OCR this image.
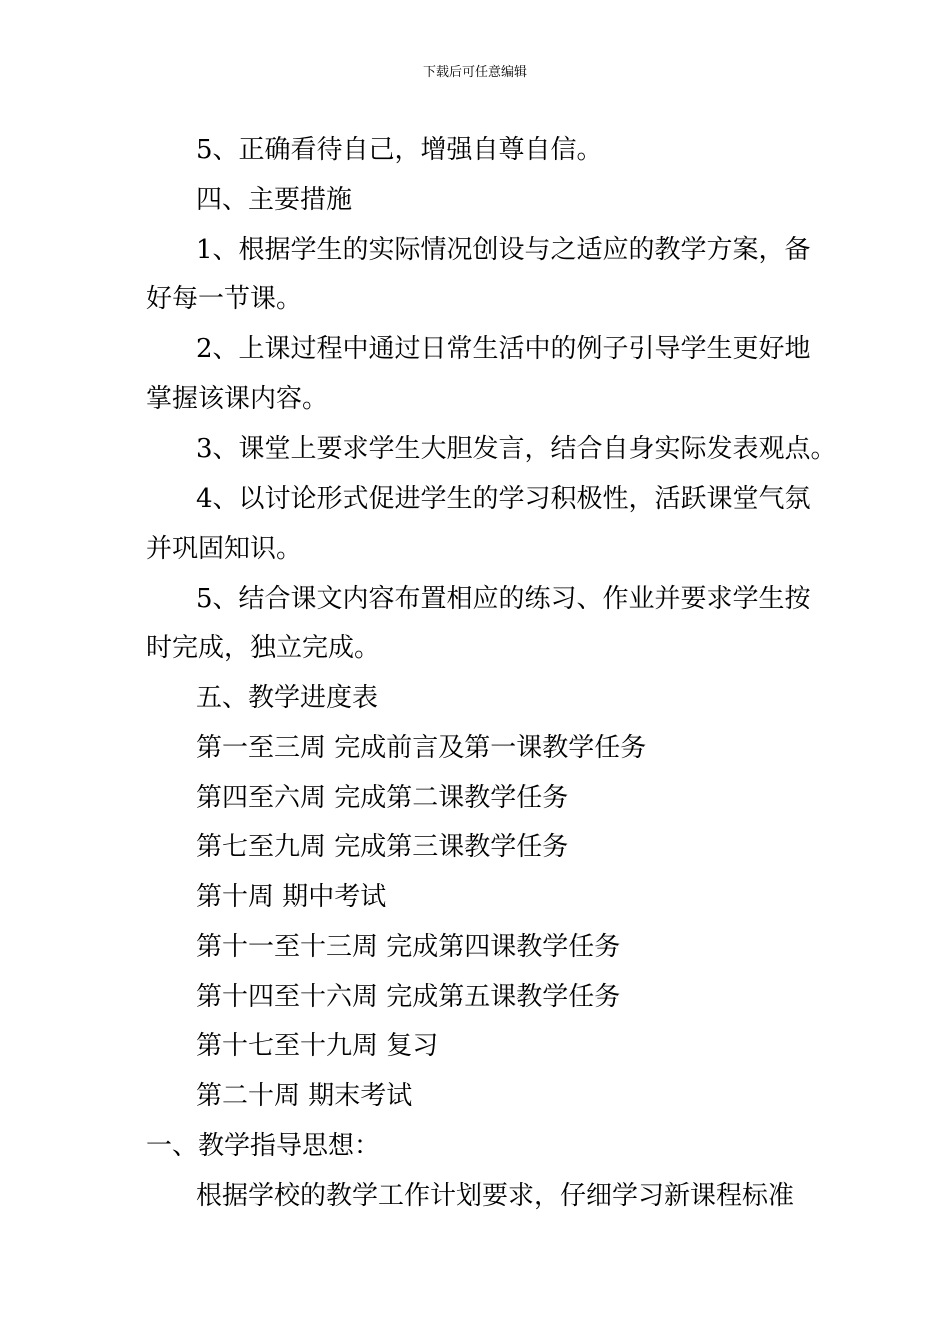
下载后可任意编辑
5、正确看待自己，增强自尊自信。
四、主要措施
1、根据学生的实际情况创设与之适应的教学方案，备
好每一节课。
2、上课过程中通过日常生活中的例子引导学生更好地
掌握该课内容。
3、课堂上要求学生大胆发言，结合自身实际发表观点。
4、以讨论形式促进学生的学习积极性，活跃课堂气氛
并巩固知识。
5、结合课文内容布置相应的练习、作业并要求学生按
时完成，独立完成。
五、教学进度表
第一至三周 完成前言及第一课教学任务
第四至六周 完成第二课教学任务
第七至九周 完成第三课教学任务
第十周 期中考试
第十一至十三周 完成第四课教学任务
第十四至十六周 完成第五课教学任务
第十七至十九周 复习
第二十周 期末考试
一、教学指导思想：
根据学校的教学工作计划要求，仔细学习新课程标准
